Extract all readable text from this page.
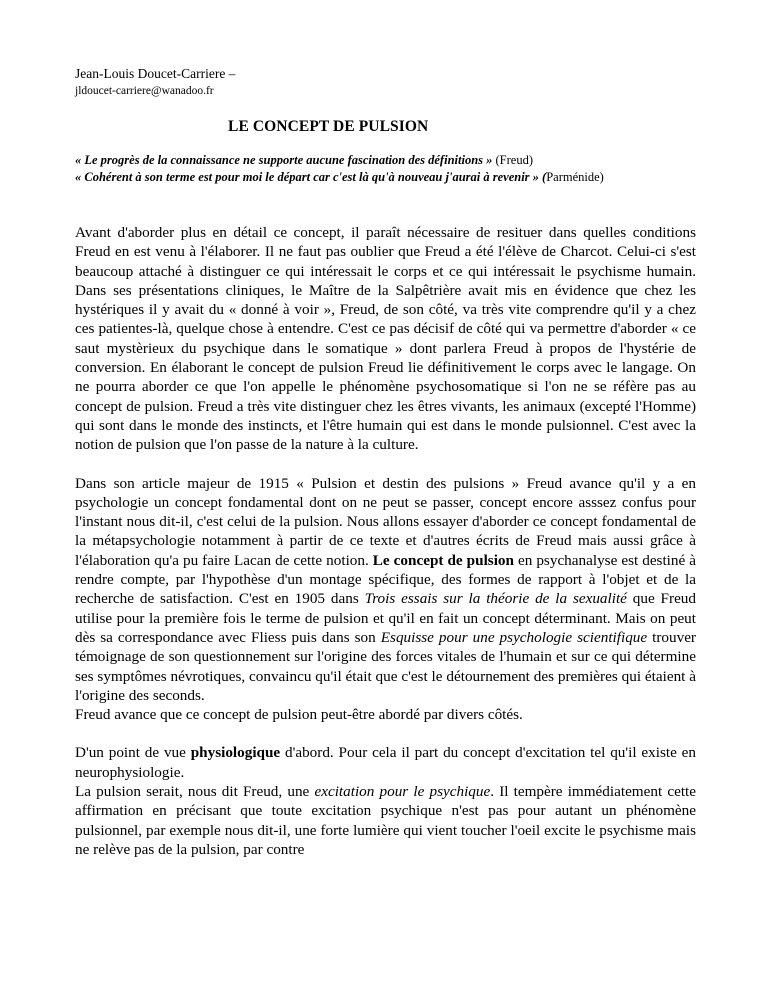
Jean-Louis Doucet-Carriere –
jldoucet-carriere@wanadoo.fr
LE CONCEPT DE PULSION
« Le progrès de la connaissance ne supporte aucune fascination des définitions » (Freud)
« Cohérent à son terme est pour moi le départ car c'est là qu'à nouveau j'aurai à revenir » (Parménide)

Avant d'aborder plus en détail ce concept, il paraît nécessaire de resituer dans quelles conditions Freud en est venu à l'élaborer. Il ne faut pas oublier que Freud a été l'élève de Charcot. Celui-ci s'est beaucoup attaché à distinguer ce qui intéressait le corps et ce qui intéressait le psychisme humain. Dans ses présentations cliniques, le Maître de la Salpêtrière avait mis en évidence que chez les hystériques il y avait du « donné à voir », Freud, de son côté, va très vite comprendre qu'il y a chez ces patientes-là, quelque chose à entendre. C'est ce pas décisif de côté qui va permettre d'aborder « ce saut mystèrieux du psychique dans le somatique » dont parlera Freud à propos de l'hystérie de conversion. En élaborant le concept de pulsion Freud lie définitivement le corps avec le langage. On ne pourra aborder ce que l'on appelle le phénomène psychosomatique si l'on ne se réfère pas au concept de pulsion. Freud a très vite distinguer chez les êtres vivants, les animaux (excepté l'Homme) qui sont dans le monde des instincts, et l'être humain qui est dans le monde pulsionnel. C'est avec la notion de pulsion que l'on passe de la nature à la culture.

Dans son article majeur de 1915 « Pulsion et destin des pulsions » Freud avance qu'il y a en psychologie un concept fondamental dont on ne peut se passer, concept encore asssez confus pour l'instant nous dit-il, c'est celui de la pulsion. Nous allons essayer d'aborder ce concept fondamental de la métapsychologie notamment à partir de ce texte et d'autres écrits de Freud mais aussi grâce à l'élaboration qu'a pu faire Lacan de cette notion. Le concept de pulsion en psychanalyse est destiné à rendre compte, par l'hypothèse d'un montage spécifique, des formes de rapport à l'objet et de la recherche de satisfaction. C'est en 1905 dans Trois essais sur la théorie de la sexualité que Freud utilise pour la première fois le terme de pulsion et qu'il en fait un concept déterminant. Mais on peut dès sa correspondance avec Fliess puis dans son Esquisse pour une psychologie scientifique trouver témoignage de son questionnement sur l'origine des forces vitales de l'humain et sur ce qui détermine ses symptômes névrotiques, convaincu qu'il était que c'est le détournement des premières qui étaient à l'origine des seconds.
Freud avance que ce concept de pulsion peut-être abordé par divers côtés.

D'un point de vue physiologique d'abord. Pour cela il part du concept d'excitation tel qu'il existe en neurophysiologie.
La pulsion serait, nous dit Freud, une excitation pour le psychique. Il tempère immédiatement cette affirmation en précisant que toute excitation psychique n'est pas pour autant un phénomène pulsionnel, par exemple nous dit-il, une forte lumière qui vient toucher l'oeil excite le psychisme mais ne relève pas de la pulsion, par contre
